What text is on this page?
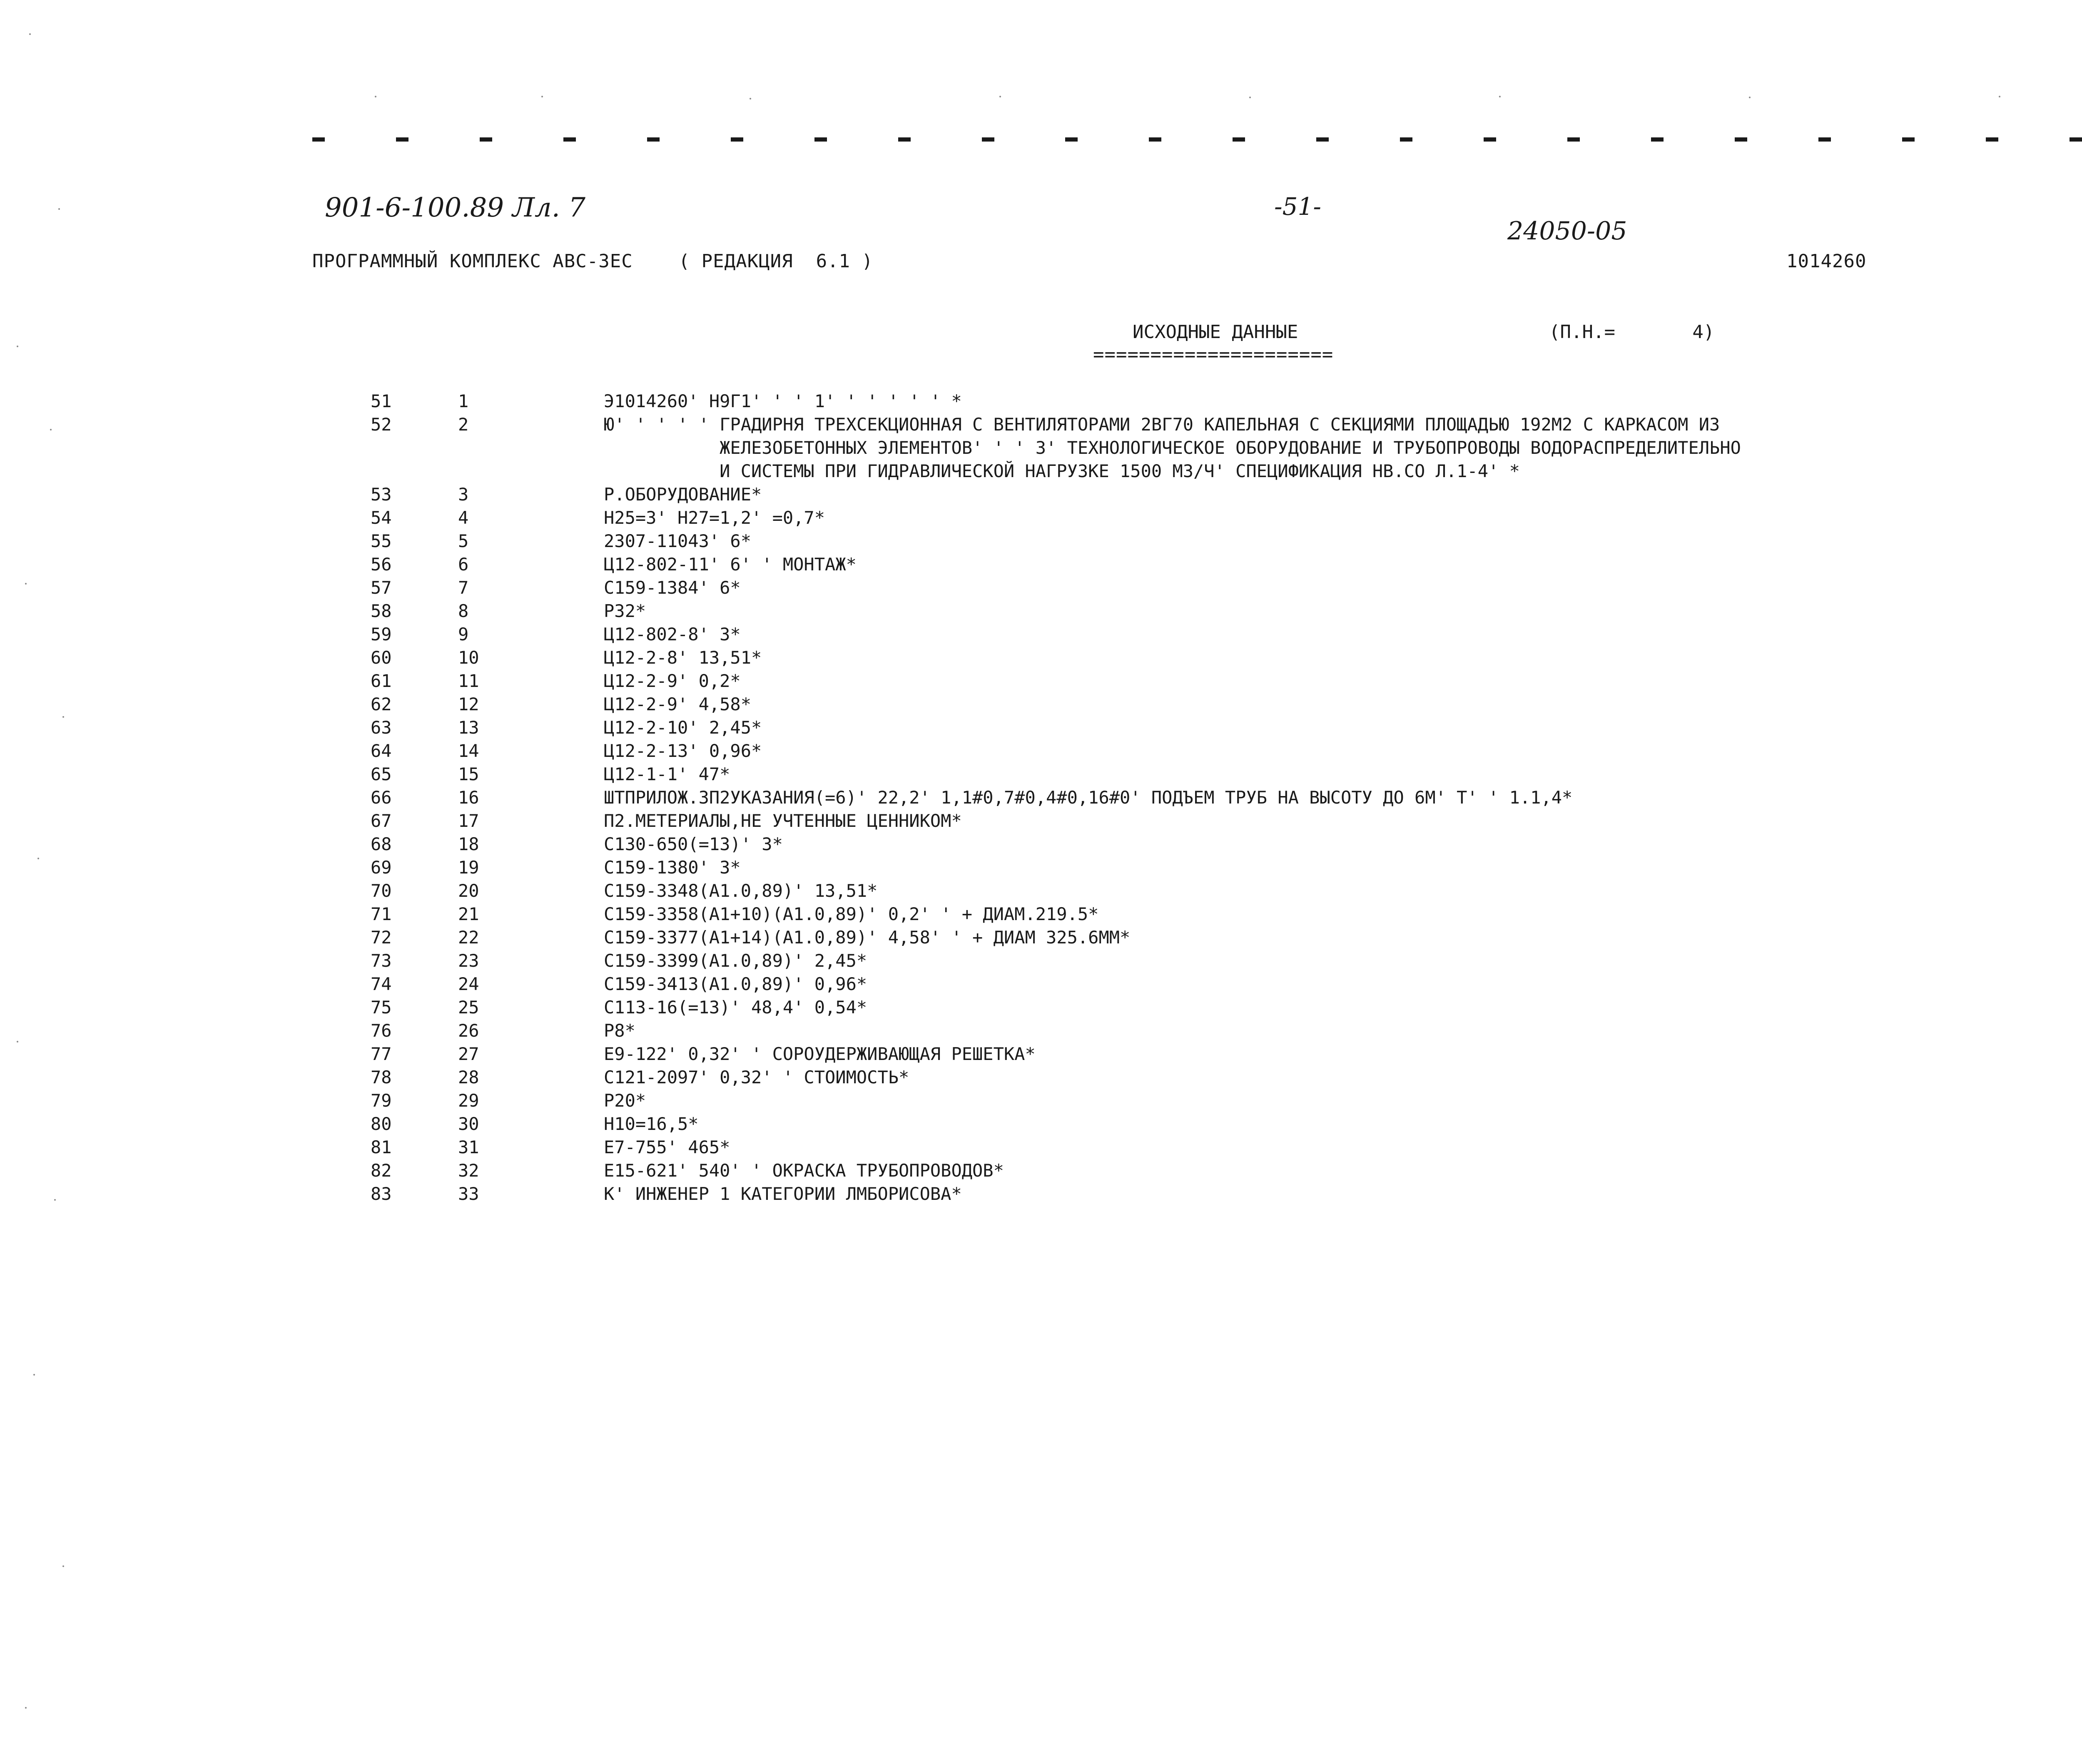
901-6-100.89 Лл. 7	-51-
24050-05
ПРОГРАММНЫЙ КОМПЛЕКС АВС-3ЕС    ( РЕДАКЦИЯ  6.1 )	1014260
ИСХОДНЫЕ ДАННЫЕ
=====================
(П.Н.=       4)
51	1	Э1014260' Н9Г1' ' ' 1' ' ' ' ' ' *
52	2	Ю' ' ' ' ' ГРАДИРНЯ ТРЕХСЕКЦИОННАЯ С ВЕНТИЛЯТОРАМИ 2ВГ70 КАПЕЛЬНАЯ С СЕКЦИЯМИ ПЛОЩАДЬЮ 192М2 С КАРКАСОМ ИЗ
ЖЕЛЕЗОБЕТОННЫХ ЭЛЕМЕНТОВ' ' ' 3' ТЕХНОЛОГИЧЕСКОЕ ОБОРУДОВАНИЕ И ТРУБОПРОВОДЫ ВОДОРАСПРЕДЕЛИТЕЛЬНО
И СИСТЕМЫ ПРИ ГИДРАВЛИЧЕСКОЙ НАГРУЗКЕ 1500 М3/Ч' СПЕЦИФИКАЦИЯ НВ.СО Л.1-4' *
53	3	Р.ОБОРУДОВАНИЕ*
54	4	Н25=3' Н27=1,2' =0,7*
55	5	2307-11043' 6*
56	6	Ц12-802-11' 6' ' МОНТАЖ*
57	7	С159-1384' 6*
58	8	Р32*
59	9	Ц12-802-8' 3*
60	10	Ц12-2-8' 13,51*
61	11	Ц12-2-9' 0,2*
62	12	Ц12-2-9' 4,58*
63	13	Ц12-2-10' 2,45*
64	14	Ц12-2-13' 0,96*
65	15	Ц12-1-1' 47*
66	16	ШТПРИЛОЖ.3П2УКАЗАНИЯ(=6)' 22,2' 1,1#0,7#0,4#0,16#0' ПОДЪЕМ ТРУБ НА ВЫСОТУ ДО 6М' Т' ' 1.1,4*
67	17	П2.МЕТЕРИАЛЫ,НЕ УЧТЕННЫЕ ЦЕННИКОМ*
68	18	С130-650(=13)' 3*
69	19	С159-1380' 3*
70	20	С159-3348(А1.0,89)' 13,51*
71	21	С159-3358(А1+10)(А1.0,89)' 0,2' ' + ДИАМ.219.5*
72	22	С159-3377(А1+14)(А1.0,89)' 4,58' ' + ДИАМ 325.6ММ*
73	23	С159-3399(А1.0,89)' 2,45*
74	24	С159-3413(А1.0,89)' 0,96*
75	25	С113-16(=13)' 48,4' 0,54*
76	26	Р8*
77	27	Е9-122' 0,32' ' СОРОУДЕРЖИВАЮЩАЯ РЕШЕТКА*
78	28	С121-2097' 0,32' ' СТОИМОСТЬ*
79	29	Р20*
80	30	Н10=16,5*
81	31	Е7-755' 465*
82	32	Е15-621' 540' ' ОКРАСКА ТРУБОПРОВОДОВ*
83	33	К' ИНЖЕНЕР 1 КАТЕГОРИИ ЛМБОРИСОВА*
